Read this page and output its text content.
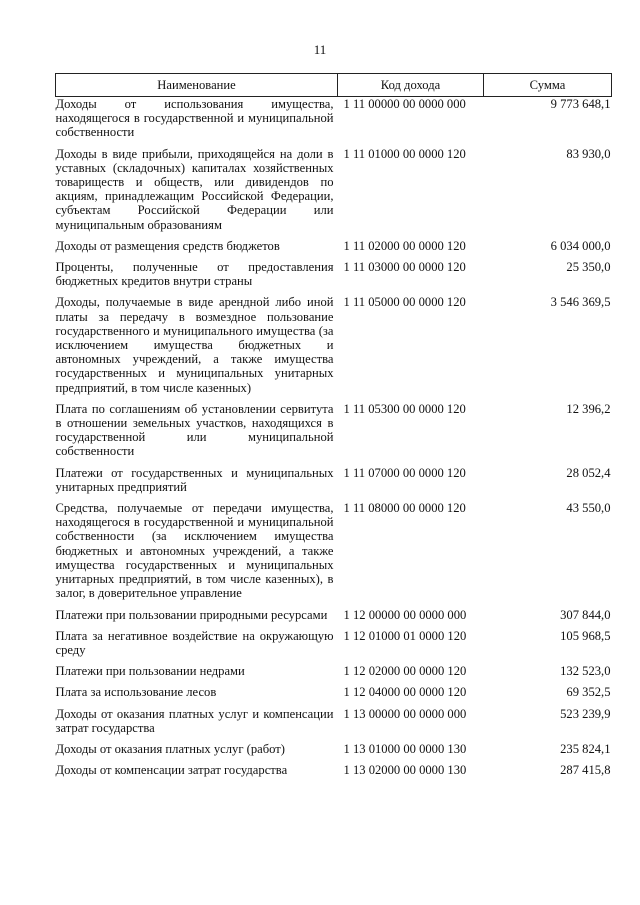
11
Наименование	Код дохода	Сумма
Доходы от использования имущества, находящегося в государственной и муниципальной собственности	1 11 00000 00 0000 000	9 773 648,1
Доходы в виде прибыли, приходящейся на доли в уставных (складочных) капиталах хозяйственных товариществ и обществ, или дивидендов по акциям, принадлежащим Российской Федерации, субъектам Российской Федерации или муниципальным образованиям	1 11 01000 00 0000 120	83 930,0
Доходы от размещения средств бюджетов	1 11 02000 00 0000 120	6 034 000,0
Проценты, полученные от предоставления бюджетных кредитов внутри страны	1 11 03000 00 0000 120	25 350,0
Доходы, получаемые в виде арендной либо иной платы за передачу в возмездное пользование государственного и муниципального имущества (за исключением имущества бюджетных и автономных учреждений, а также имущества государственных и муниципальных унитарных предприятий, в том числе казенных)	1 11 05000 00 0000 120	3 546 369,5
Плата по соглашениям об установлении сервитута в отношении земельных участков, находящихся в государственной или муниципальной собственности	1 11 05300 00 0000 120	12 396,2
Платежи от государственных и муниципальных унитарных предприятий	1 11 07000 00 0000 120	28 052,4
Средства, получаемые от передачи имущества, находящегося в государственной и муниципальной собственности (за исключением имущества бюджетных и автономных учреждений, а также имущества государственных и муниципальных унитарных предприятий, в том числе казенных), в залог, в доверительное управление	1 11 08000 00 0000 120	43 550,0
Платежи при пользовании природными ресурсами	1 12 00000 00 0000 000	307 844,0
Плата за негативное воздействие на окружающую среду	1 12 01000 01 0000 120	105 968,5
Платежи при пользовании недрами	1 12 02000 00 0000 120	132 523,0
Плата за использование лесов	1 12 04000 00 0000 120	69 352,5
Доходы от оказания платных услуг и компенсации затрат государства	1 13 00000 00 0000 000	523 239,9
Доходы от оказания платных услуг (работ)	1 13 01000 00 0000 130	235 824,1
Доходы от компенсации затрат государства	1 13 02000 00 0000 130	287 415,8
